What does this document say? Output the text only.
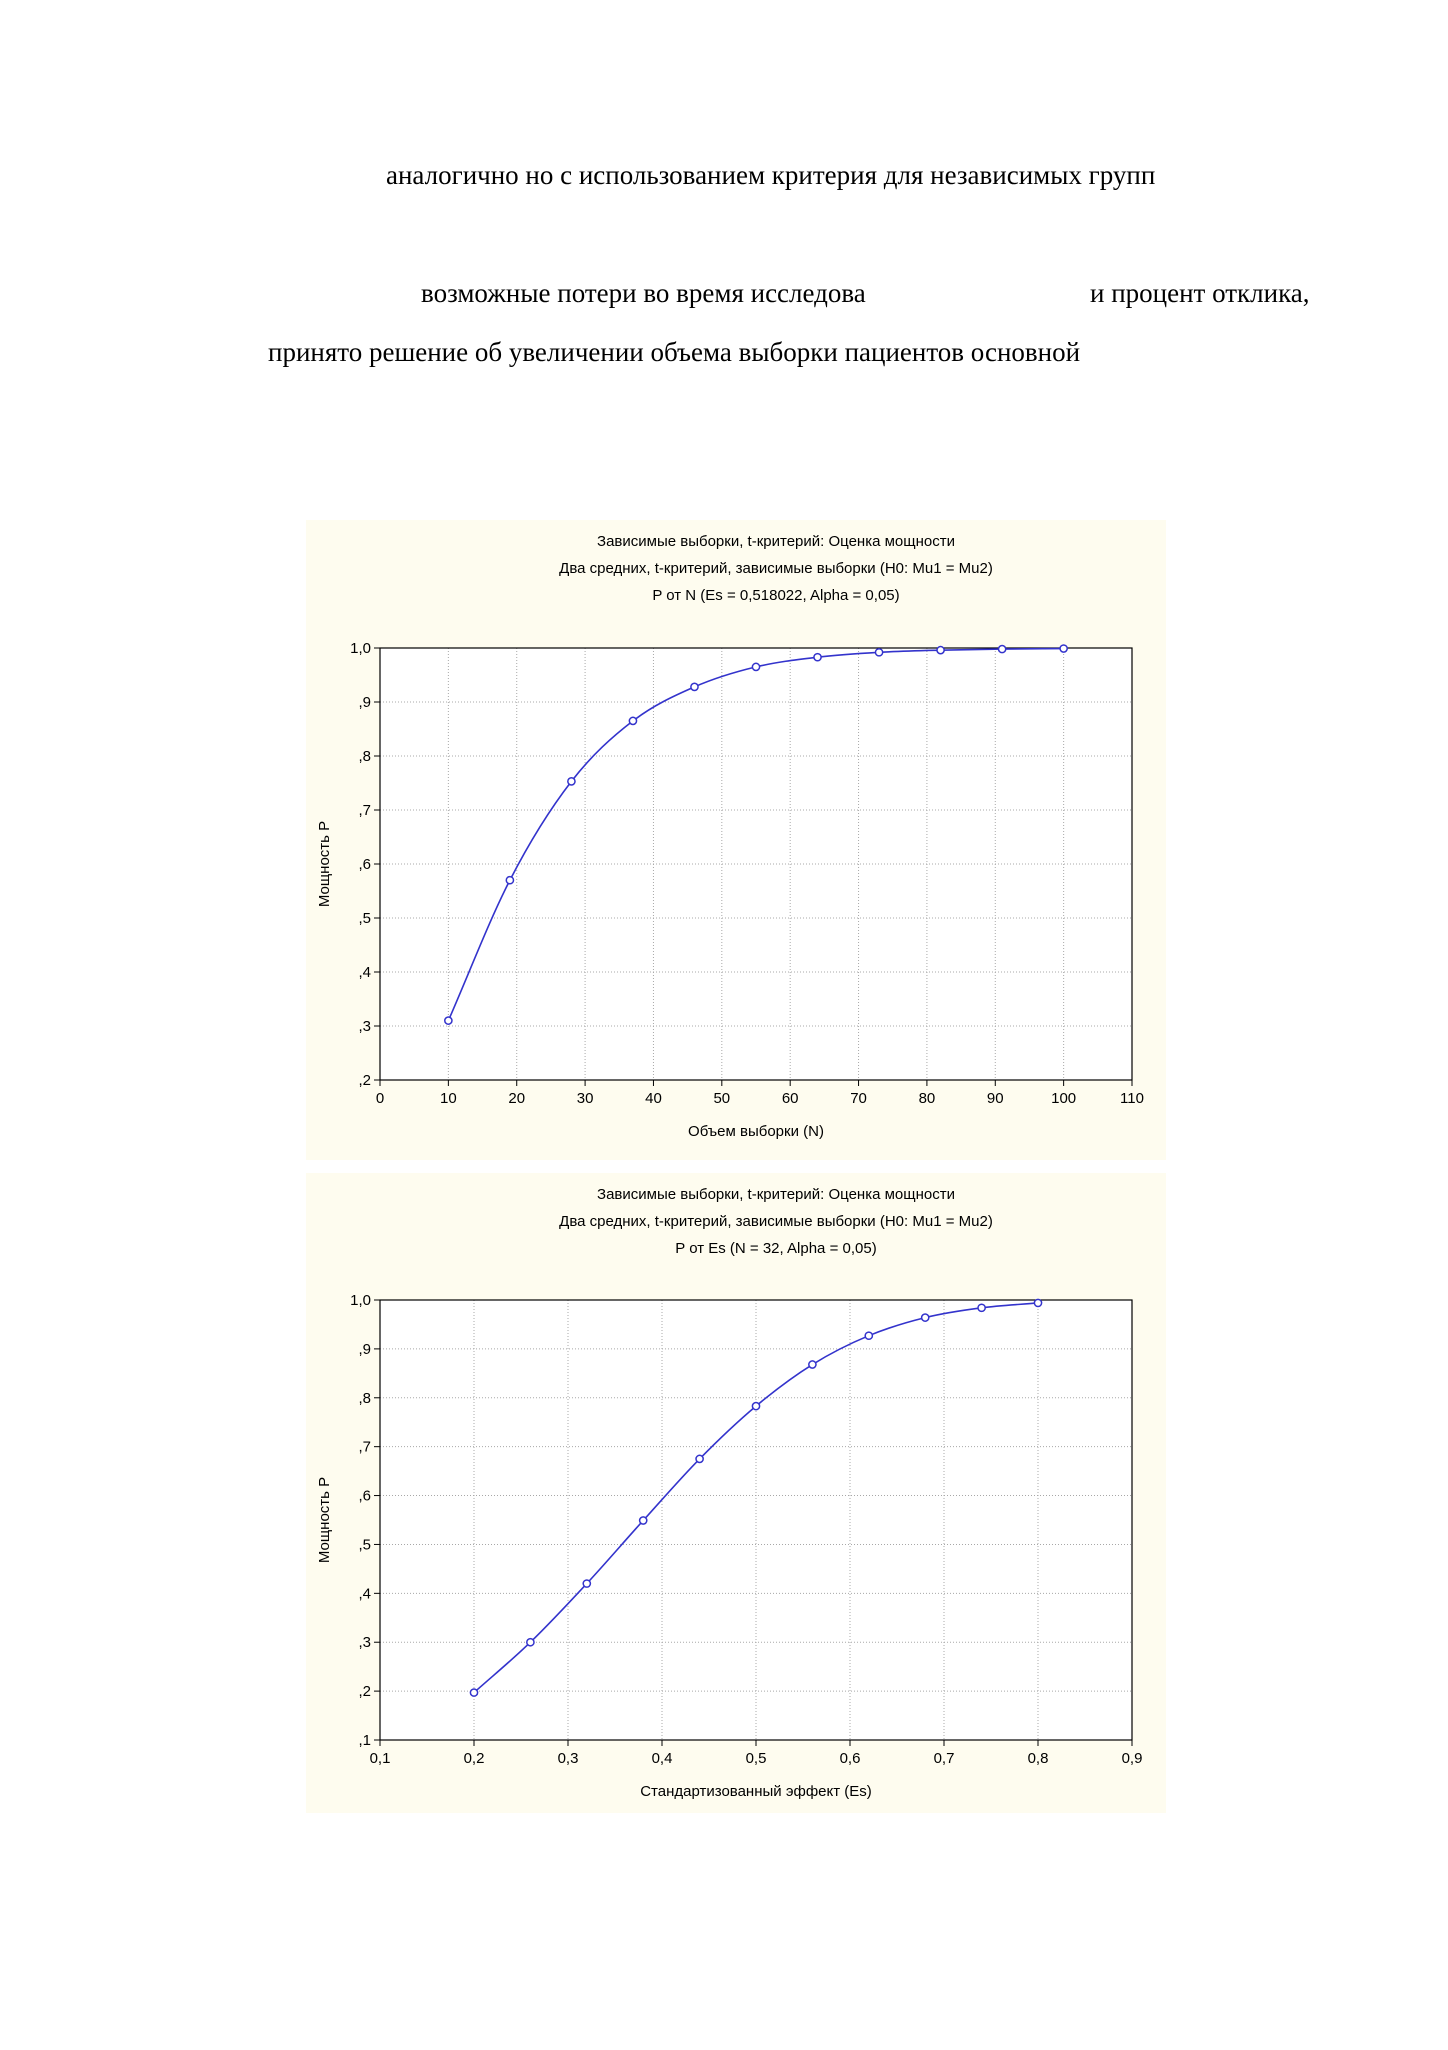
аналогично но с использованием критерия для независимых групп
возможные потери во время исследова	и процент отклика,
принято решение об увеличении объема выборки пациентов основной
Зависимые выборки, t-критерий: Оценка мощности
Два средних, t-критерий, зависимые выборки (H0: Mu1 = Mu2)
P от N (Es = 0,518022, Alpha = 0,05)
0	10	20	30	40	50	60	70	80	90	100	110
,2
,3
,4
,5
,6
,7
,8
,9
1,0
Объем выборки (N)
Мощность P
Зависимые выборки, t-критерий: Оценка мощности
Два средних, t-критерий, зависимые выборки (H0: Mu1 = Mu2)
P от Es (N = 32, Alpha = 0,05)
0,1	0,2	0,3	0,4	0,5	0,6	0,7	0,8	0,9
,1
,2
,3
,4
,5
,6
,7
,8
,9
1,0
Стандартизованный эффект (Es)
Мощность P
